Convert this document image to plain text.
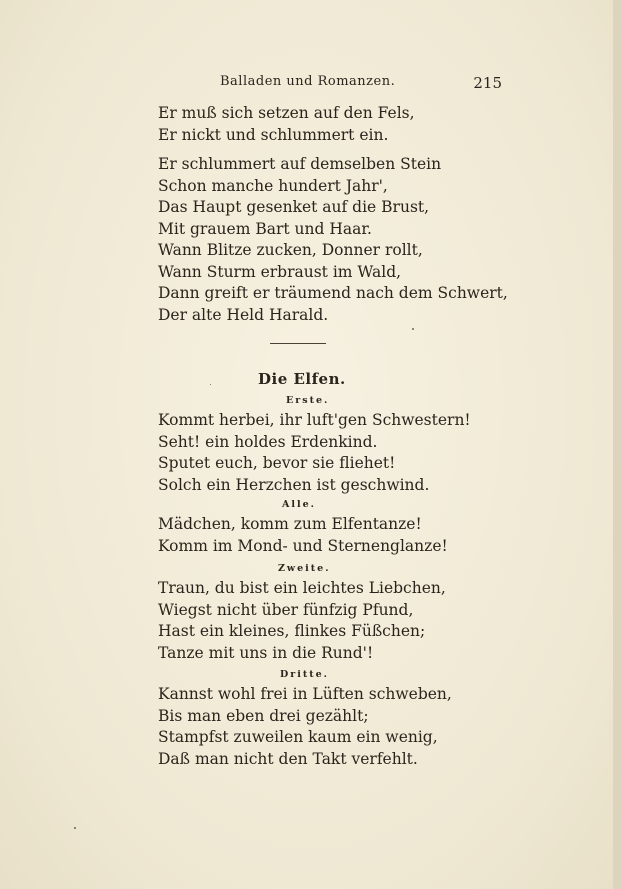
Balladen und Romanzen.	215
Er muß sich setzen auf den Fels,
Er nickt und schlummert ein.
Er schlummert auf demselben Stein
Schon manche hundert Jahr',
Das Haupt gesenket auf die Brust,
Mit grauem Bart und Haar.
Wann Blitze zucken, Donner rollt,
Wann Sturm erbraust im Wald,
Dann greift er träumend nach dem Schwert,
Der alte Held Harald.
Die Elfen.
Erste.
Kommt herbei, ihr luft'gen Schwestern!
Seht! ein holdes Erdenkind.
Sputet euch, bevor sie fliehet!
Solch ein Herzchen ist geschwind.
Alle.
Mädchen, komm zum Elfentanze!
Komm im Mond- und Sternenglanze!
Zweite.
Traun, du bist ein leichtes Liebchen,
Wiegst nicht über fünfzig Pfund,
Hast ein kleines, flinkes Füßchen;
Tanze mit uns in die Rund'!
Dritte.
Kannst wohl frei in Lüften schweben,
Bis man eben drei gezählt;
Stampfst zuweilen kaum ein wenig,
Daß man nicht den Takt verfehlt.
